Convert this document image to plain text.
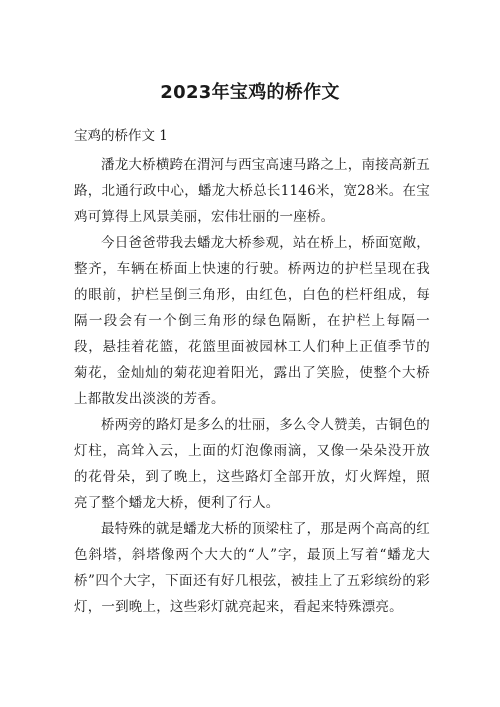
2023年宝鸡的桥作文
宝鸡的桥作文 1

潘龙大桥横跨在渭河与西宝高速马路之上，南接高新五路，北通行政中心，蟠龙大桥总长1146米，宽28米。在宝鸡可算得上风景美丽，宏伟壮丽的一座桥。

今日爸爸带我去蟠龙大桥参观，站在桥上，桥面宽敞，整齐，车辆在桥面上快速的行驶。桥两边的护栏呈现在我的眼前，护栏呈倒三角形，由红色，白色的栏杆组成，每隔一段会有一个倒三角形的绿色隔断，在护栏上每隔一段，悬挂着花篮，花篮里面被园林工人们种上正值季节的菊花，金灿灿的菊花迎着阳光，露出了笑脸，使整个大桥上都散发出淡淡的芳香。

桥两旁的路灯是多么的壮丽，多么令人赞美，古铜色的灯柱，高耸入云，上面的灯泡像雨滴，又像一朵朵没开放的花骨朵，到了晚上，这些路灯全部开放，灯火辉煌，照亮了整个蟠龙大桥，便利了行人。

最特殊的就是蟠龙大桥的顶梁柱了，那是两个高高的红色斜塔，斜塔像两个大大的“人”字，最顶上写着“蟠龙大桥”四个大字，下面还有好几根弦，被挂上了五彩缤纷的彩灯，一到晚上，这些彩灯就亮起来，看起来特殊漂亮。
